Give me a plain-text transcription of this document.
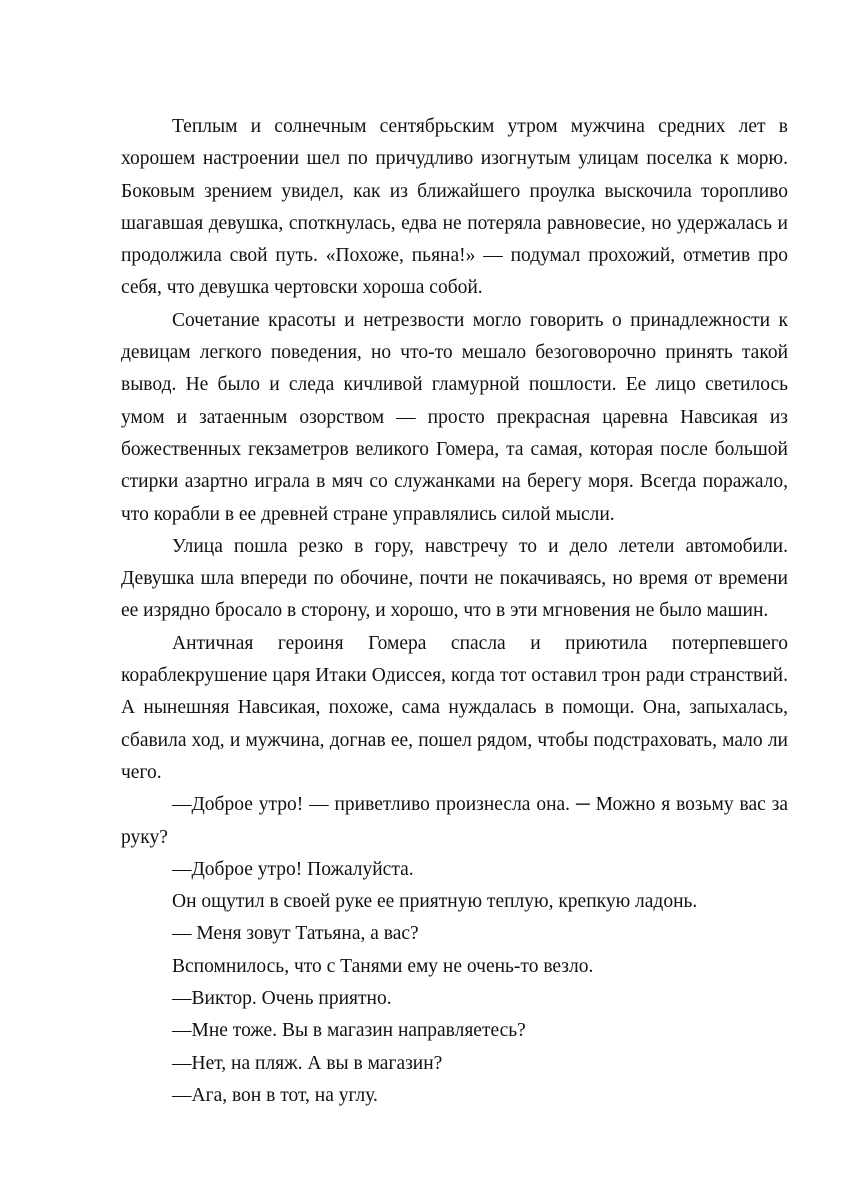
Теплым и солнечным сентябрьским утром мужчина средних лет в хорошем настроении шел по причудливо изогнутым улицам поселка к морю. Боковым зрением увидел, как из ближайшего проулка выскочила торопливо шагавшая девушка, споткнулась, едва не потеряла равновесие, но удержалась и продолжила свой путь. «Похоже, пьяна!» — подумал прохожий, отметив про себя, что девушка чертовски хороша собой.

Сочетание красоты и нетрезвости могло говорить о принадлежности к девицам легкого поведения, но что-то мешало безоговорочно принять такой вывод. Не было и следа кичливой гламурной пошлости. Ее лицо светилось умом и затаенным озорством — просто прекрасная царевна Навсикая из божественных гекзаметров великого Гомера, та самая, которая после большой стирки азартно играла в мяч со служанками на берегу моря. Всегда поражало, что корабли в ее древней стране управлялись силой мысли.

Улица пошла резко в гору, навстречу то и дело летели автомобили. Девушка шла впереди по обочине, почти не покачиваясь, но время от времени ее изрядно бросало в сторону, и хорошо, что в эти мгновения не было машин.

Античная героиня Гомера спасла и приютила потерпевшего кораблекрушение царя Итаки Одиссея, когда тот оставил трон ради странствий. А нынешняя Навсикая, похоже, сама нуждалась в помощи. Она, запыхалась, сбавила ход, и мужчина, догнав ее, пошел рядом, чтобы подстраховать, мало ли чего.

—Доброе утро! — приветливо произнесла она. ─ Можно я возьму вас за руку?

—Доброе утро! Пожалуйста.

Он ощутил в своей руке ее приятную теплую, крепкую ладонь.

— Меня зовут Татьяна, а вас?

Вспомнилось, что с Танями ему не очень-то везло.

—Виктор. Очень приятно.

—Мне тоже. Вы в магазин направляетесь?

—Нет, на пляж. А вы в магазин?

—Ага, вон в тот, на углу.
